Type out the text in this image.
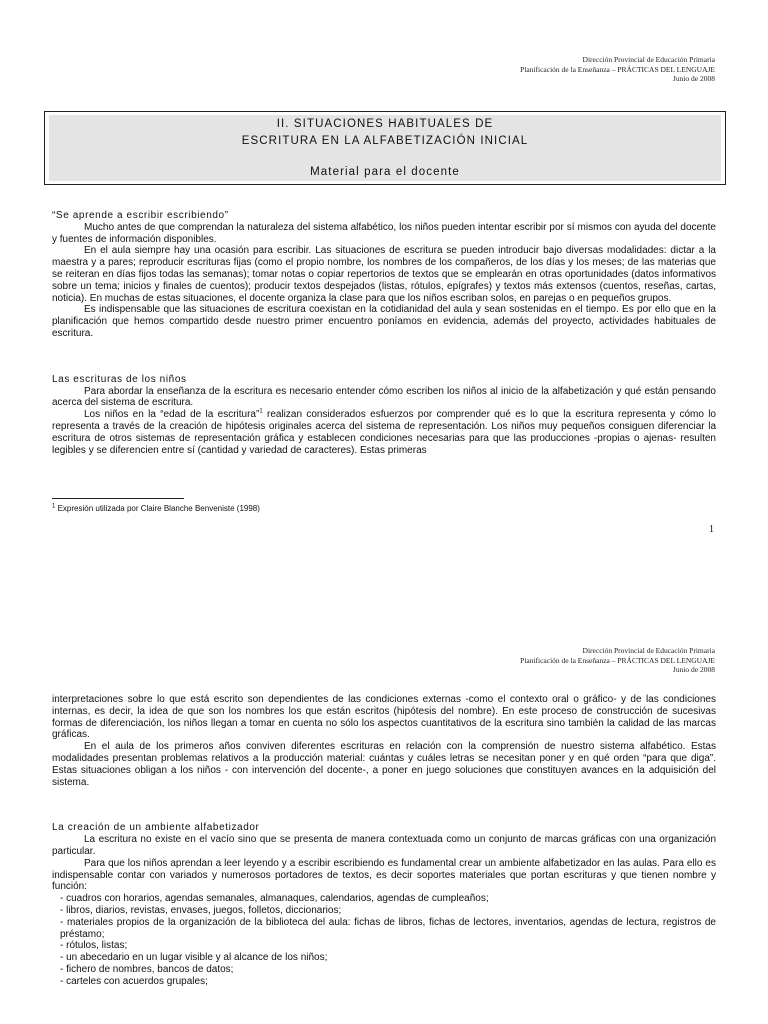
Dirección Provincial de Educación Primaria
Planificación de la Enseñanza – PRÁCTICAS DEL LENGUAJE
Junio de 2008
II. SITUACIONES HABITUALES DE
ESCRITURA EN LA ALFABETIZACIÓN INICIAL
Material para el docente
“Se aprende a escribir escribiendo”

Mucho antes de que comprendan la naturaleza del sistema alfabético, los niños pueden intentar escribir por sí mismos con ayuda del docente y fuentes de información disponibles.

En el aula siempre hay una ocasión para escribir. Las situaciones de escritura se pueden introducir bajo diversas modalidades: dictar a la maestra y a pares; reproducir escrituras fijas (como el propio nombre, los nombres de los compañeros, de los días y los meses; de las materias que se reiteran en días fijos todas las semanas); tomar notas o copiar repertorios de textos que se emplearán en otras oportunidades (datos informativos sobre un tema; inicios y finales de cuentos); producir textos despejados (listas, rótulos, epígrafes) y textos más extensos (cuentos, reseñas, cartas, noticia). En muchas de estas situaciones, el docente organiza la clase para que los niños escriban solos, en parejas o en pequeños grupos.

Es indispensable que las situaciones de escritura coexistan en la cotidianidad del aula y sean sostenidas en el tiempo. Es por ello que en la planificación que hemos compartido desde nuestro primer encuentro poníamos en evidencia, además del proyecto, actividades habituales de escritura.

Las escrituras de los niños

Para abordar la enseñanza de la escritura es necesario entender cómo escriben los niños al inicio de la alfabetización y qué están pensando acerca del sistema de escritura.

Los niños en la “edad de la escritura”$^1$ realizan considerados esfuerzos por comprender qué es lo que la escritura representa y cómo lo representa a través de la creación de hipótesis originales acerca del sistema de representación. Los niños muy pequeños consiguen diferenciar la escritura de otros sistemas de representación gráfica y establecen condiciones necesarias para que las producciones -propias o ajenas- resulten legibles y se diferencien entre sí (cantidad y variedad de caracteres). Estas primeras

$^1$ Expresión utilizada por Claire Blanche Benveniste (1998)
1
Dirección Provincial de Educación Primaria
Planificación de la Enseñanza – PRÁCTICAS DEL LENGUAJE
Junio de 2008

interpretaciones sobre lo que está escrito son dependientes de las condiciones externas -como el contexto oral o gráfico- y de las condiciones internas, es decir, la idea de que son los nombres los que están escritos (hipótesis del nombre). En este proceso de construcción de sucesivas formas de diferenciación, los niños llegan a tomar en cuenta no sólo los aspectos cuantitativos de la escritura sino también la calidad de las marcas gráficas.

En el aula de los primeros años conviven diferentes escrituras en relación con la comprensión de nuestro sistema alfabético. Estas modalidades presentan problemas relativos a la producción material: cuántas y cuáles letras se necesitan poner y en qué orden “para que diga”. Estas situaciones obligan a los niños - con intervención del docente-, a poner en juego soluciones que constituyen avances en la adquisición del sistema.

La creación de un ambiente alfabetizador

La escritura no existe en el vacío sino que se presenta de manera contextuada como un conjunto de marcas gráficas con una organización particular.

Para que los niños aprendan a leer leyendo y a escribir escribiendo es fundamental crear un ambiente alfabetizador en las aulas. Para ello es indispensable contar con variados y numerosos portadores de textos, es decir soportes materiales que portan escrituras y que tienen nombre y función:

- cuadros con horarios, agendas semanales, almanaques, calendarios, agendas de cumpleaños;
- libros, diarios, revistas, envases, juegos, folletos, diccionarios;
- materiales propios de la organización de la biblioteca del aula: fichas de libros, fichas de lectores, inventarios, agendas de lectura, registros de préstamo;
- rótulos, listas;
- un abecedario en un lugar visible y al alcance de los niños;
- fichero de nombres, bancos de datos;
- carteles con acuerdos grupales;
